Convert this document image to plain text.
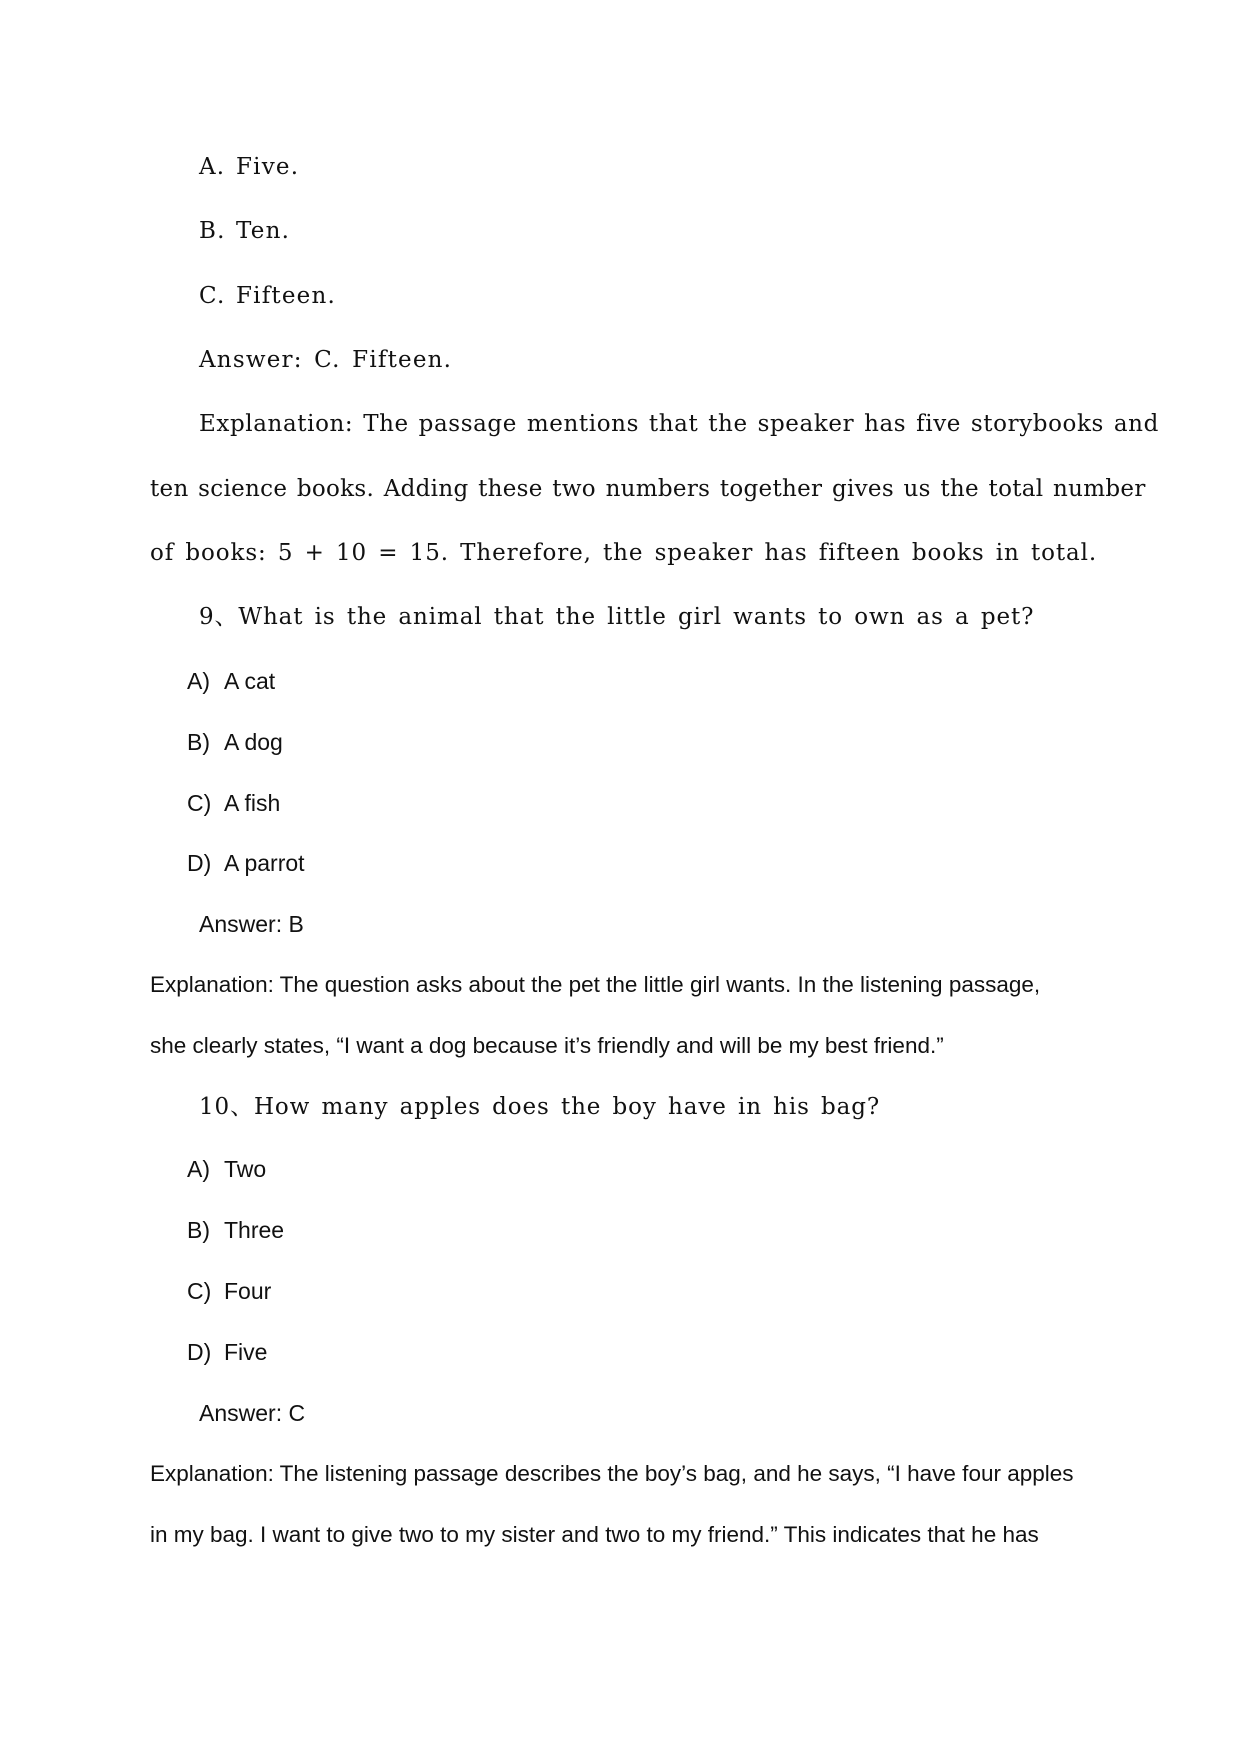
A. Five.
B. Ten.
C. Fifteen.
Answer: C. Fifteen.
Explanation: The passage mentions that the speaker has five storybooks and
ten science books. Adding these two numbers together gives us the total number
of books: 5 + 10 = 15. Therefore, the speaker has fifteen books in total.
9、What is the animal that the little girl wants to own as a pet?
A) A cat
B) A dog
C) A fish
D) A parrot
Answer: B
Explanation: The question asks about the pet the little girl wants. In the listening passage,
she clearly states, “I want a dog because it’s friendly and will be my best friend.”
10、How many apples does the boy have in his bag?
A) Two
B) Three
C) Four
D) Five
Answer: C
Explanation: The listening passage describes the boy’s bag, and he says, “I have four apples
in my bag. I want to give two to my sister and two to my friend.” This indicates that he has
